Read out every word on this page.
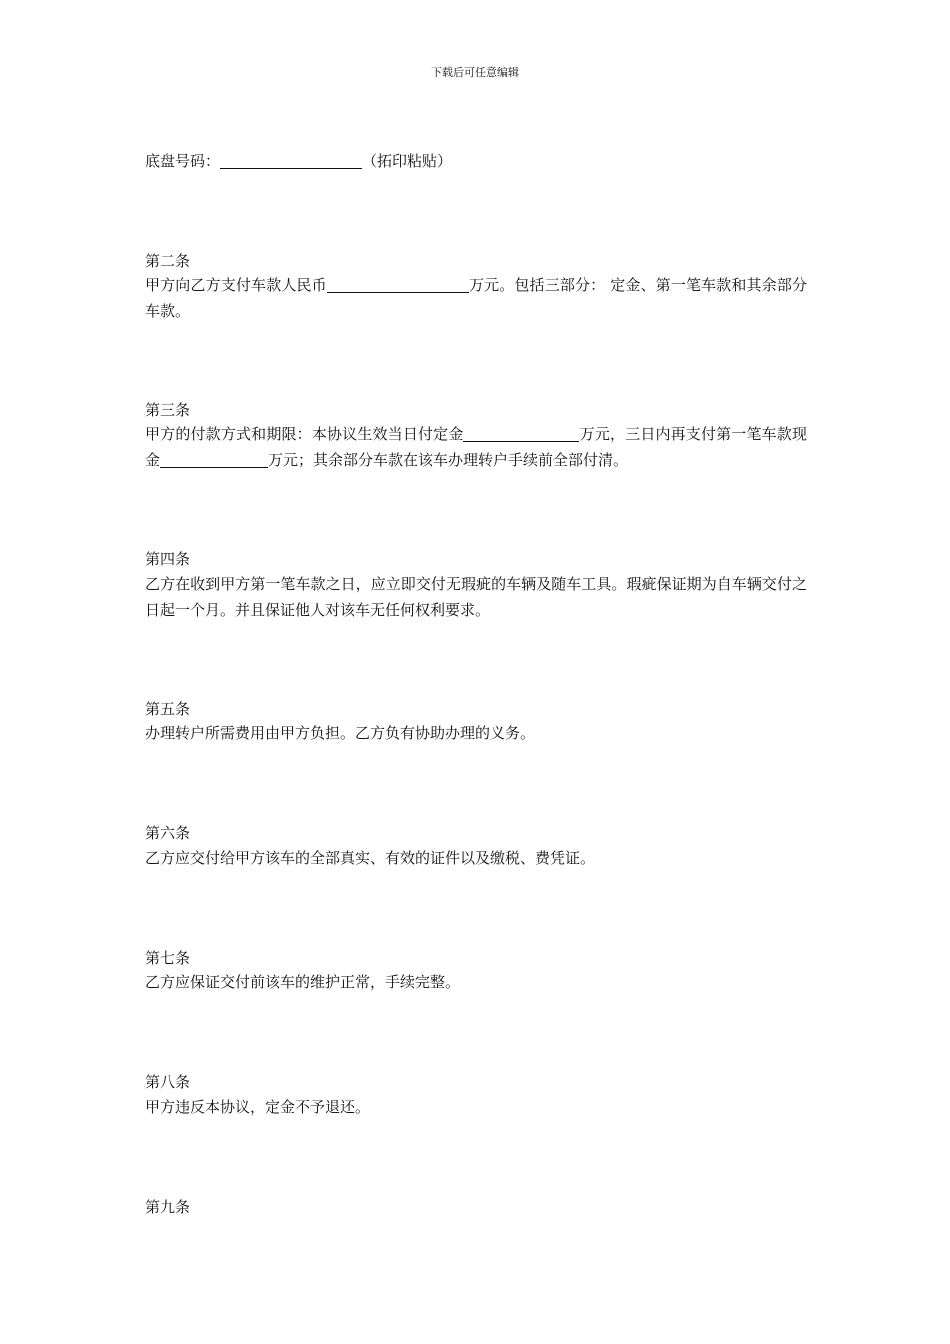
下载后可任意编辑
底盘号码：	（拓印粘贴）
第二条
甲方向乙方支付车款人民币	万元。包括三部分： 定金、第一笔车款和其余部分车款。
第三条
甲方的付款方式和期限：本协议生效当日付定金	万元，三日内再支付第一笔车款现金	万元；其余部分车款在该车办理转户手续前全部付清。
第四条
乙方在收到甲方第一笔车款之日，应立即交付无瑕疵的车辆及随车工具。瑕疵保证期为自车辆交付之日起一个月。并且保证他人对该车无任何权利要求。
第五条
办理转户所需费用由甲方负担。乙方负有协助办理的义务。
第六条
乙方应交付给甲方该车的全部真实、有效的证件以及缴税、费凭证。
第七条
乙方应保证交付前该车的维护正常，手续完整。
第八条
甲方违反本协议，定金不予退还。
第九条
